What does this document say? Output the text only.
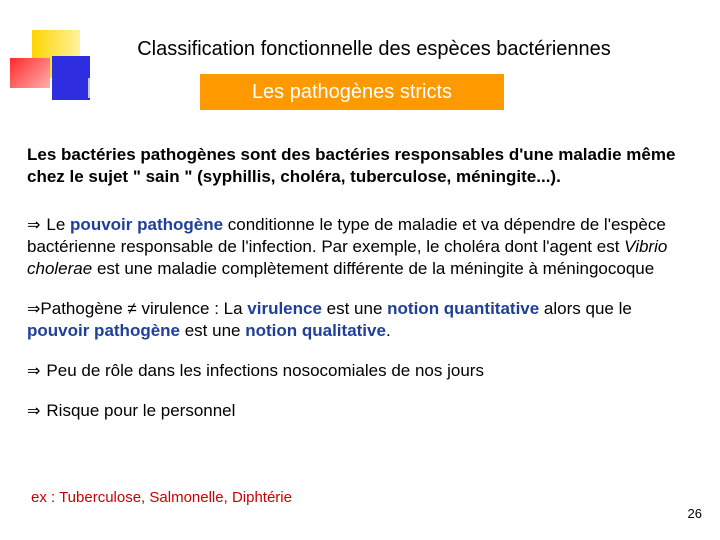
Classification fonctionnelle des espèces bactériennes
Les pathogènes stricts

Les bactéries pathogènes sont des bactéries responsables d'une maladie même chez le sujet " sain " (syphillis, choléra, tuberculose, méningite...).

⇒ Le pouvoir pathogène conditionne le type de maladie et va dépendre de l'espèce bactérienne responsable de l'infection. Par exemple, le choléra dont l'agent est Vibrio cholerae est une maladie complètement différente de la méningite à méningocoque

⇒Pathogène ≠ virulence : La virulence est une notion quantitative alors que le pouvoir pathogène est une notion qualitative.

⇒ Peu de rôle dans les infections nosocomiales de nos jours

⇒ Risque pour le personnel

ex : Tuberculose, Salmonelle, Diphtérie
26
